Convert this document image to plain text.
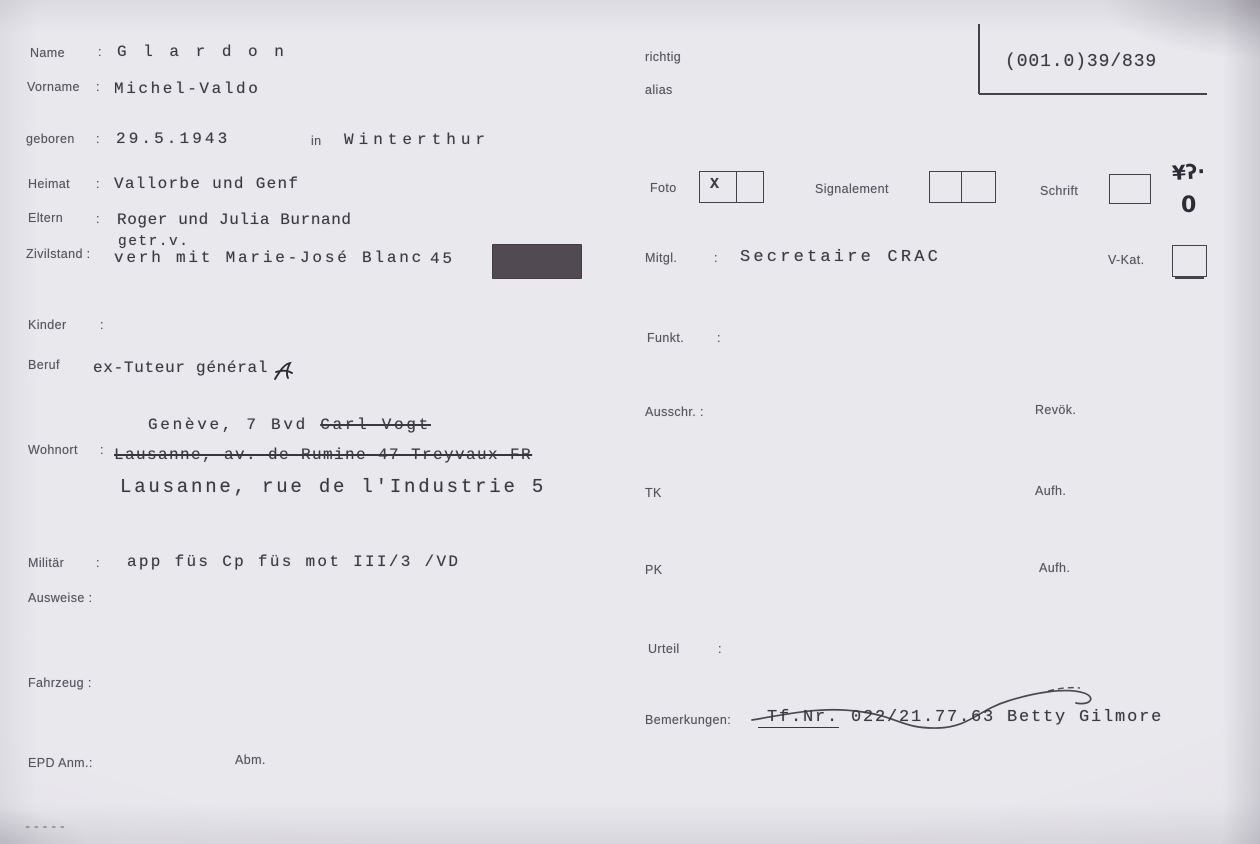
Name	: G l a r d o n
Vorname : Michel-Valdo
geboren : 29.5.1943	in Winterthur
Heimat : Vallorbe und Genf
Eltern	: Roger und Julia Burnand
Zivilstand :
getr.v.
verh mit Marie-José Blanc 45
Kinder	:
Beruf ex-Tuteur général
Wohnort :
Genève, 7 Bvd Carl Vogt
Lausanne, av. de Rumine 47 Treyvaux FR
Lausanne, rue de l'Industrie 5
Militär	: app füs Cp füs mot III/3 /VD
Ausweise :
Fahrzeug :
EPD Anm.:	Abm.
-----
richtig
alias
(001.0)39/839
Foto X	Signalement	Schrift
¥ʔ·
0
Mitgl.	: Secretaire CRAC	V-Kat.
Funkt.	:
Ausschr. :	Revök.
TK	Aufh.
PK	Aufh.
Urteil	:
Bemerkungen:	Tf.Nr. 022/21.77.63 Betty Gilmore
